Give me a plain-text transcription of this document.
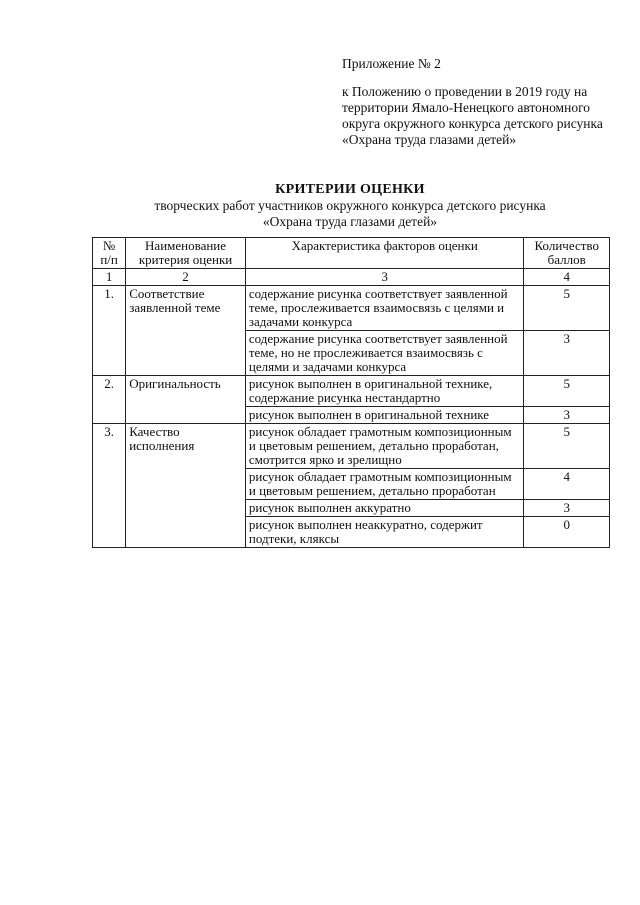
Приложение № 2
к Положению о проведении в 2019 году на территории Ямало-Ненецкого автономного округа окружного конкурса детского рисунка «Охрана труда глазами детей»
КРИТЕРИИ ОЦЕНКИ
творческих работ участников окружного конкурса детского рисунка
«Охрана труда глазами детей»
№ п/п	Наименование критерия оценки	Характеристика факторов оценки	Количество баллов
1	2	3	4
1.	Соответствие заявленной теме	содержание рисунка соответствует заявленной теме, прослеживается взаимосвязь с целями и задачами конкурса	5
		содержание рисунка соответствует заявленной теме, но не прослеживается взаимосвязь с целями и задачами конкурса	3
2.	Оригинальность	рисунок выполнен в оригинальной технике, содержание рисунка нестандартно	5
		рисунок выполнен в оригинальной технике	3
3.	Качество исполнения	рисунок обладает грамотным композиционным и цветовым решением, детально проработан, смотрится ярко и зрелищно	5
		рисунок обладает грамотным композиционным и цветовым решением, детально проработан	4
		рисунок выполнен аккуратно	3
		рисунок выполнен неаккуратно, содержит подтеки, кляксы	0
